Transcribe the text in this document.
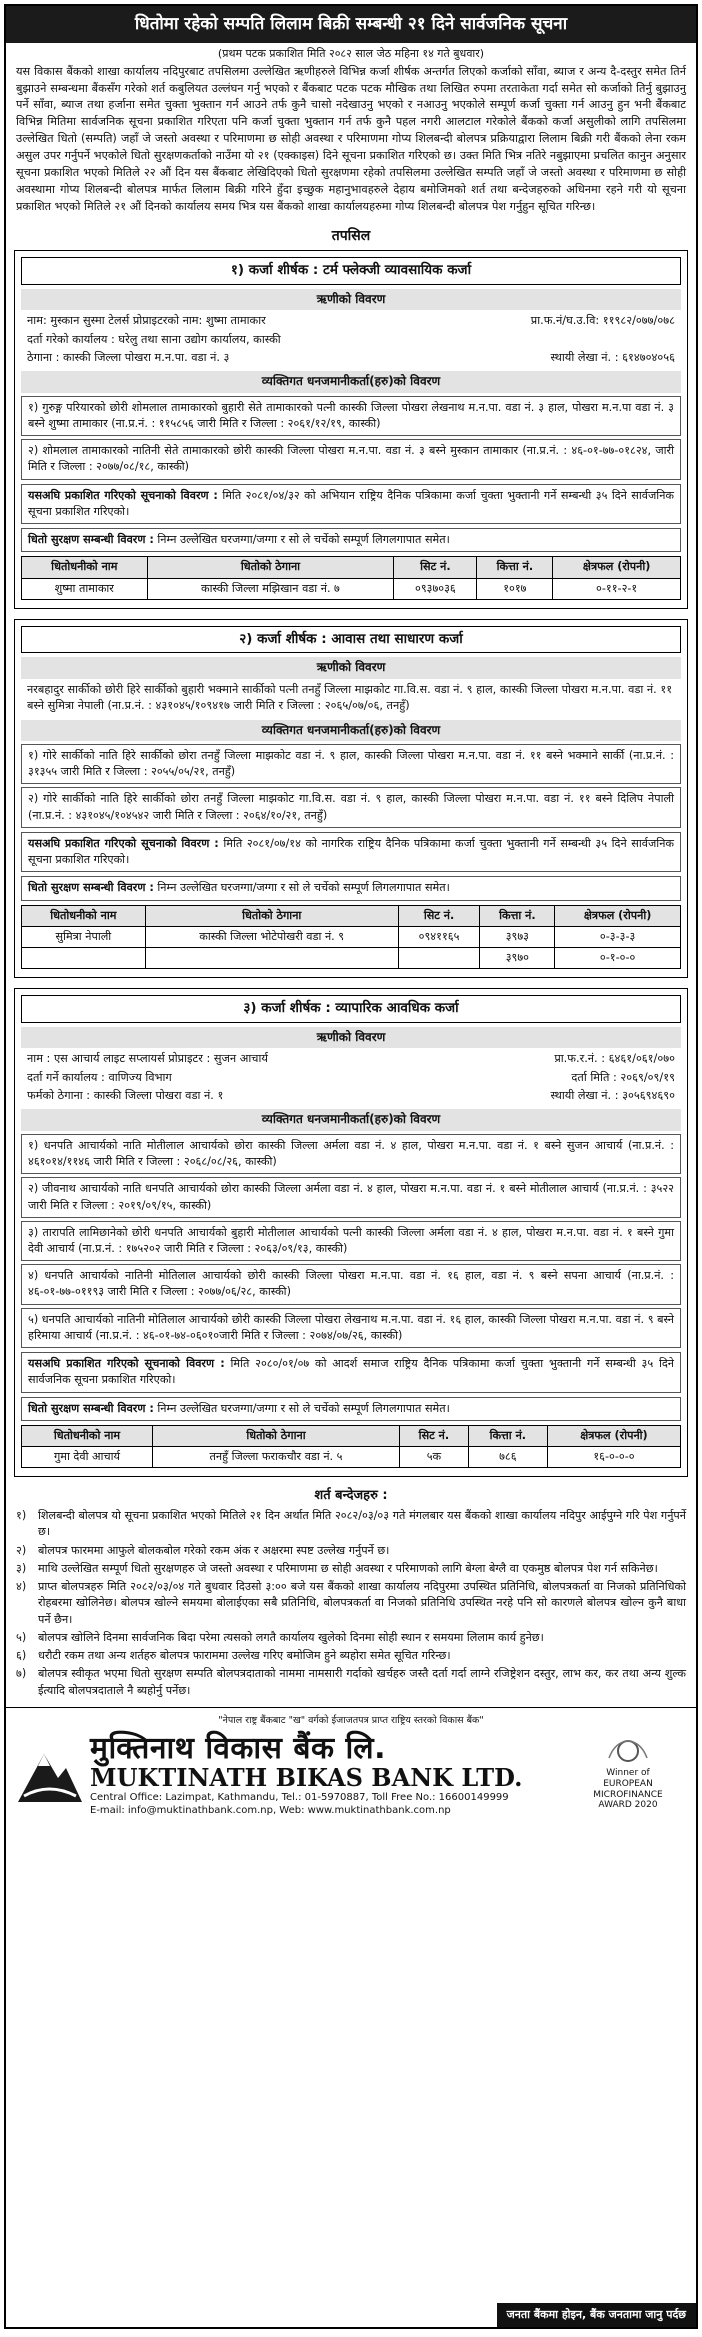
धितोमा रहेको सम्पति लिलाम बिक्री सम्बन्धी २१ दिने सार्वजनिक सूचना
(प्रथम पटक प्रकाशित मिति २०८२ साल जेठ महिना १४ गते बुधवार)
यस विकास बैंकको शाखा कार्यालय नदिपुरबाट तपसिलमा उल्लेखित ऋणीहरुले विभिन्न कर्जा शीर्षक अन्तर्गत लिएको कर्जाको साँवा, ब्याज र अन्य दै-दस्तुर समेत तिर्न बुझाउने सम्बन्धमा बैंकसँग गरेको शर्त कबुलियत उल्लंघन गर्नु भएको र बैंकबाट पटक पटक मौखिक तथा लिखित रुपमा तरताकेता गर्दा समेत सो कर्जाको तिर्नु बुझाउनु पर्ने साँवा, ब्याज तथा हर्जाना समेत चुक्ता भुक्तान गर्न आउने तर्फ कुनै चासो नदेखाउनु भएको र नआउनु भएकोले सम्पूर्ण कर्जा चुक्ता गर्न आउनु हुन भनी बैंकबाट विभिन्न मितिमा सार्वजनिक सूचना प्रकाशित गरिएता पनि कर्जा चुक्ता भुक्तान गर्न तर्फ कुनै पहल नगरी आलटाल गरेकोले बैंकको कर्जा असुलीको लागि तपसिलमा उल्लेखित धितो (सम्पति) जहाँ जे जस्तो अवस्था र परिमाणमा छ सोही अवस्था र परिमाणमा गोप्य शिलबन्दी बोलपत्र प्रक्रियाद्वारा लिलाम बिक्री गरी बैंकको लेना रकम असुल उपर गर्नुपर्ने भएकोले धितो सुरक्षणकर्ताको नाउँमा यो २१ (एक्काइस) दिने सूचना प्रकाशित गरिएको छ। उक्त मिति भित्र नतिरे नबुझाएमा प्रचलित कानुन अनुसार सूचना प्रकाशित भएको मितिले २२ औं दिन यस बैंकबाट लेखिदिएको धितो सुरक्षणमा रहेको तपसिलमा उल्लेखित सम्पति जहाँ जे जस्तो अवस्था र परिमाणमा छ सोही अवस्थामा गोप्य शिलबन्दी बोलपत्र मार्फत लिलाम बिक्री गरिने हुँदा इच्छुक महानुभावहरुले देहाय बमोजिमको शर्त तथा बन्देजहरुको अधिनमा रहने गरी यो सूचना प्रकाशित भएको मितिले २१ औं दिनको कार्यालय समय भित्र यस बैंकको शाखा कार्यालयहरुमा गोप्य शिलबन्दी बोलपत्र पेश गर्नुहुन सूचित गरिन्छ।
तपसिल
१) कर्जा शीर्षक : टर्म फ्लेक्जी व्यावसायिक कर्जा
ऋणीको विवरण
नाम: मुस्कान सुस्मा टेलर्स प्रोप्राइटरको नाम: शुष्मा तामाकार	प्रा.फ.नं/घ.उ.वि: ११९८२/०७७/०७८
दर्ता गरेको कार्यालय : घरेलु तथा साना उद्योग कार्यालय, कास्की
ठेगाना : कास्की जिल्ला पोखरा म.न.पा. वडा नं. ३	स्थायी लेखा नं. : ६१४७०४०५६
व्यक्तिगत धनजमानीकर्ता(हरु)को विवरण
१) गुरुङ्ग परियारको छोरी शोमलाल तामाकारको बुहारी सेते तामाकारको पत्नी कास्की जिल्ला पोखरा लेखनाथ म.न.पा. वडा नं. ३ हाल, पोखरा म.न.पा वडा नं. ३ बस्ने शुष्मा तामाकार (ना.प्र.नं. : ११५८५६ जारी मिति र जिल्ला : २०६१/१२/१९, कास्की)
२) शोमलाल तामाकारको नातिनी सेते तामाकारको छोरी कास्की जिल्ला पोखरा म.न.पा. वडा नं. ३ बस्ने मुस्कान तामाकार (ना.प्र.नं. : ४६-०१-७७-०१८२४, जारी मिति र जिल्ला : २०७७/०८/१८, कास्की)
यसअघि प्रकाशित गरिएको सूचनाको विवरण : मिति २०८१/०४/३२ को अभियान राष्ट्रिय दैनिक पत्रिकामा कर्जा चुक्ता भुक्तानी गर्ने सम्बन्धी ३५ दिने सार्वजनिक सूचना प्रकाशित गरिएको।
धितो सुरक्षण सम्बन्धी विवरण : निम्न उल्लेखित घरजग्गा/जग्गा र सो ले चर्चेको सम्पूर्ण लिगलगापात समेत।
धितोधनीको नाम	धितोको ठेगाना	सिट नं.	कित्ता नं.	क्षेत्रफल (रोपनी)
शुष्मा तामाकार	कास्की जिल्ला मझिखान वडा नं. ७	०९३७०३६	१०१७	०-११-२-१
२) कर्जा शीर्षक : आवास तथा साधारण कर्जा
ऋणीको विवरण
नरबहादुर सार्कीको छोरी हिरे सार्कीको बुहारी भक्माने सार्कीको पत्नी तनहुँ जिल्ला माझकोट गा.वि.स. वडा नं. ९ हाल, कास्की जिल्ला पोखरा म.न.पा. वडा नं. ११ बस्ने सुमित्रा नेपाली (ना.प्र.नं. : ४३१०४५/१०९४१७ जारी मिति र जिल्ला : २०६५/०७/०६, तनहुँ)
व्यक्तिगत धनजमानीकर्ता(हरु)को विवरण
१) गोरे सार्कीको नाति हिरे सार्कीको छोरा तनहुँ जिल्ला माझकोट वडा नं. ९ हाल, कास्की जिल्ला पोखरा म.न.पा. वडा नं. ११ बस्ने भक्माने सार्की (ना.प्र.नं. : ३१३५५ जारी मिति र जिल्ला : २०५५/०५/२१, तनहुँ)
२) गोरे सार्कीको नाति हिरे सार्कीको छोरा तनहुँ जिल्ला माझकोट गा.वि.स. वडा नं. ९ हाल, कास्की जिल्ला पोखरा म.न.पा. वडा नं. ११ बस्ने दिलिप नेपाली (ना.प्र.नं. : ४३१०४५/१०४५४२ जारी मिति र जिल्ला : २०६४/१०/२१, तनहुँ)
यसअघि प्रकाशित गरिएको सूचनाको विवरण : मिति २०८१/०७/१४ को नागरिक राष्ट्रिय दैनिक पत्रिकामा कर्जा चुक्ता भुक्तानी गर्ने सम्बन्धी ३५ दिने सार्वजनिक सूचना प्रकाशित गरिएको।
धितो सुरक्षण सम्बन्धी विवरण : निम्न उल्लेखित घरजग्गा/जग्गा र सो ले चर्चेको सम्पूर्ण लिगलगापात समेत।
धितोधनीको नाम	धितोको ठेगाना	सिट नं.	कित्ता नं.	क्षेत्रफल (रोपनी)
सुमित्रा नेपाली	कास्की जिल्ला भोटेपोखरी वडा नं. ९	०९४११६५	३९७३	०-३-३-३
			३९७०	०-१-०-०
३) कर्जा शीर्षक : व्यापारिक आवधिक कर्जा
ऋणीको विवरण
नाम : एस आचार्य लाइट सप्लायर्स प्रोप्राइटर : सुजन आचार्य	प्रा.फ.र.नं. : ६४६१/०६१/०७०
दर्ता गर्ने कार्यालय : वाणिज्य विभाग	दर्ता मिति : २०६९/०९/१९
फर्मको ठेगाना : कास्की जिल्ला पोखरा वडा नं. १	स्थायी लेखा नं. : ३०५६९४६९०
व्यक्तिगत धनजमानीकर्ता(हरु)को विवरण
१) धनपति आचार्यको नाति मोतीलाल आचार्यको छोरा कास्की जिल्ला अर्मला वडा नं. ४ हाल, पोखरा म.न.पा. वडा नं. १ बस्ने सुजन आचार्य (ना.प्र.नं. : ४६१०१४/११४६ जारी मिति र जिल्ला : २०६८/०८/२६, कास्की)
२) जीवनाथ आचार्यको नाति धनपति आचार्यको छोरा कास्की जिल्ला अर्मला वडा नं. ४ हाल, पोखरा म.न.पा. वडा नं. १ बस्ने मोतीलाल आचार्य (ना.प्र.नं. : ३५२२ जारी मिति र जिल्ला : २०१९/०९/१५, कास्की)
३) तारापति लामिछानेको छोरी धनपति आचार्यको बुहारी मोतीलाल आचार्यको पत्नी कास्की जिल्ला अर्मला वडा नं. ४ हाल, पोखरा म.न.पा. वडा नं. १ बस्ने गुमा देवी आचार्य (ना.प्र.नं. : १७५२०२ जारी मिति र जिल्ला : २०६३/०९/१३, कास्की)
४) धनपति आचार्यको नातिनी मोतिलाल आचार्यको छोरी कास्की जिल्ला पोखरा म.न.पा. वडा नं. १६ हाल, वडा नं. ९ बस्ने सपना आचार्य (ना.प्र.नं. : ४६-०१-७७-०११९३ जारी मिति र जिल्ला : २०७७/०६/२८, कास्की)
५) धनपति आचार्यको नातिनी मोतिलाल आचार्यको छोरी कास्की जिल्ला पोखरा लेखनाथ म.न.पा. वडा नं. १६ हाल, कास्की जिल्ला पोखरा म.न.पा. वडा नं. ९ बस्ने हरिमाया आचार्य (ना.प्र.नं. : ४६-०१-७४-०६०१०जारी मिति र जिल्ला : २०७४/०७/२६, कास्की)
यसअघि प्रकाशित गरिएको सूचनाको विवरण : मिति २०८०/०१/०७ को आदर्श समाज राष्ट्रिय दैनिक पत्रिकामा कर्जा चुक्ता भुक्तानी गर्ने सम्बन्धी ३५ दिने सार्वजनिक सूचना प्रकाशित गरिएको।
धितो सुरक्षण सम्बन्धी विवरण : निम्न उल्लेखित घरजग्गा/जग्गा र सो ले चर्चेको सम्पूर्ण लिगलगापात समेत।
धितोधनीको नाम	धितोको ठेगाना	सिट नं.	कित्ता नं.	क्षेत्रफल (रोपनी)
गुमा देवी आचार्य	तनहुँ जिल्ला फराकचौर वडा नं. ५	५क	७८६	१६-०-०-०
शर्त बन्देजहरु :
१)	शिलबन्दी बोलपत्र यो सूचना प्रकाशित भएको मितिले २१ दिन अर्थात मिति २०८२/०३/०३ गते मंगलबार यस बैंकको शाखा कार्यालय नदिपुर आईपुग्ने गरि पेश गर्नुपर्ने छ।
२)	बोलपत्र फारममा आफुले बोलकबोल गरेको रकम अंक र अक्षरमा स्पष्ट उल्लेख गर्नुपर्ने छ।
३)	माथि उल्लेखित सम्पूर्ण धितो सुरक्षणहरु जे जस्तो अवस्था र परिमाणमा छ सोही अवस्था र परिमाणको लागि बेग्ला बेग्लै वा एकमुष्ठ बोलपत्र पेश गर्न सकिनेछ।
४)	प्राप्त बोलपत्रहरु मिति २०८२/०३/०४ गते बुधवार दिउसो ३:०० बजे यस बैंकको शाखा कार्यालय नदिपुरमा उपस्थित प्रतिनिधि, बोलपत्रकर्ता वा निजको प्रतिनिधिको रोहबरमा खोलिनेछ। बोलपत्र खोल्ने समयमा बोलाईएका सबै प्रतिनिधि, बोलपत्रकर्ता वा निजको प्रतिनिधि उपस्थित नरहे पनि सो कारणले बोलपत्र खोल्न कुनै बाधा पर्ने छैन।
५)	बोलपत्र खोलिने दिनमा सार्वजनिक बिदा परेमा त्यसको लगतै कार्यालय खुलेको दिनमा सोही स्थान र समयमा लिलाम कार्य हुनेछ।
६)	धरौटी रकम तथा अन्य शर्तहरु बोलपत्र फाराममा उल्लेख गरिए बमोजिम हुने ब्यहोरा समेत सूचित गरिन्छ।
७)	बोलपत्र स्वीकृत भएमा धितो सुरक्षण सम्पति बोलपत्रदाताको नाममा नामसारी गर्दाको खर्चहरु जस्तै दर्ता गर्दा लाग्ने रजिष्ट्रेशन दस्तुर, लाभ कर, कर तथा अन्य शुल्क ईत्यादि बोलपत्रदाताले नै ब्यहोर्नु पर्नेछ।
"नेपाल राष्ट्र बैंकबाट "ख" वर्गको ईजाजतपत्र प्राप्त राष्ट्रिय स्तरको विकास बैंक"
मुक्तिनाथ विकास बैंक लि.
MUKTINATH BIKAS BANK LTD.
Central Office: Lazimpat, Kathmandu, Tel.: 01-5970887, Toll Free No.: 16600149999
E-mail: info@muktinathbank.com.np, Web: www.muktinathbank.com.np
Winner of
EUROPEAN
MICROFINANCE
AWARD 2020
जनता बैंकमा होइन, बैंक जनतामा जानु पर्दछ
